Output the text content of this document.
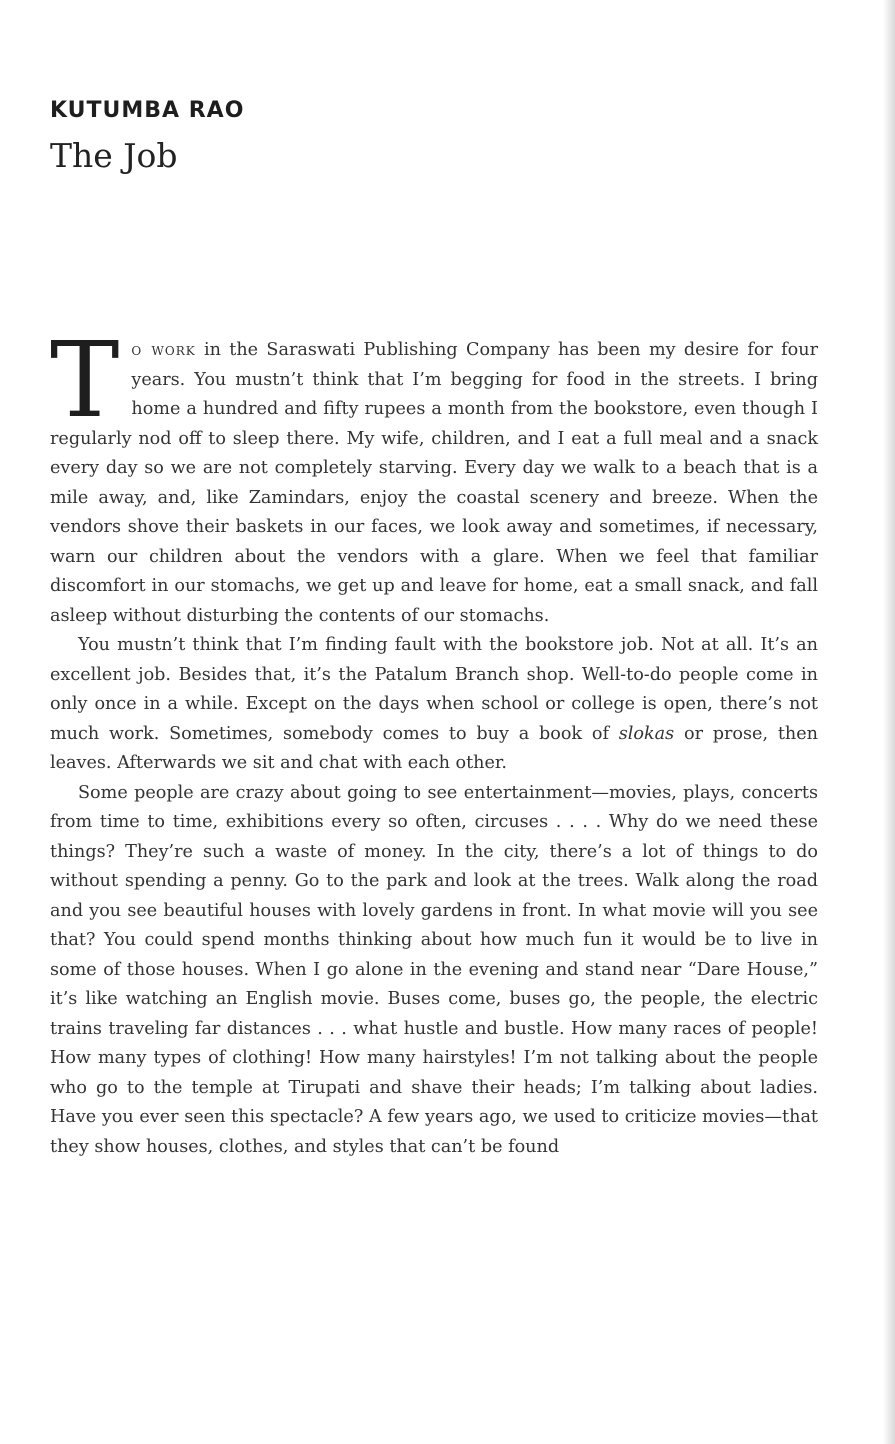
KUTUMBA RAO
The Job

To work in the Saraswati Publishing Company has been my desire for four years. You mustn’t think that I’m begging for food in the streets. I bring home a hundred and fifty rupees a month from the bookstore, even though I regularly nod off to sleep there. My wife, children, and I eat a full meal and a snack every day so we are not completely starving. Every day we walk to a beach that is a mile away, and, like Zamindars, enjoy the coastal scenery and breeze. When the vendors shove their baskets in our faces, we look away and sometimes, if necessary, warn our children about the vendors with a glare. When we feel that familiar discomfort in our stomachs, we get up and leave for home, eat a small snack, and fall asleep without disturbing the contents of our stomachs.

You mustn’t think that I’m finding fault with the bookstore job. Not at all. It’s an excellent job. Besides that, it’s the Patalum Branch shop. Well-to-do people come in only once in a while. Except on the days when school or college is open, there’s not much work. Sometimes, somebody comes to buy a book of slokas or prose, then leaves. Afterwards we sit and chat with each other.

Some people are crazy about going to see entertainment—movies, plays, concerts from time to time, exhibitions every so often, circuses . . . . Why do we need these things? They’re such a waste of money. In the city, there’s a lot of things to do without spending a penny. Go to the park and look at the trees. Walk along the road and you see beautiful houses with lovely gardens in front. In what movie will you see that? You could spend months thinking about how much fun it would be to live in some of those houses. When I go alone in the evening and stand near “Dare House,” it’s like watching an English movie. Buses come, buses go, the people, the electric trains traveling far distances . . . what hustle and bustle. How many races of people! How many types of clothing! How many hairstyles! I’m not talking about the people who go to the temple at Tirupati and shave their heads; I’m talking about ladies. Have you ever seen this spectacle? A few years ago, we used to criticize movies—that they show houses, clothes, and styles that can’t be found
